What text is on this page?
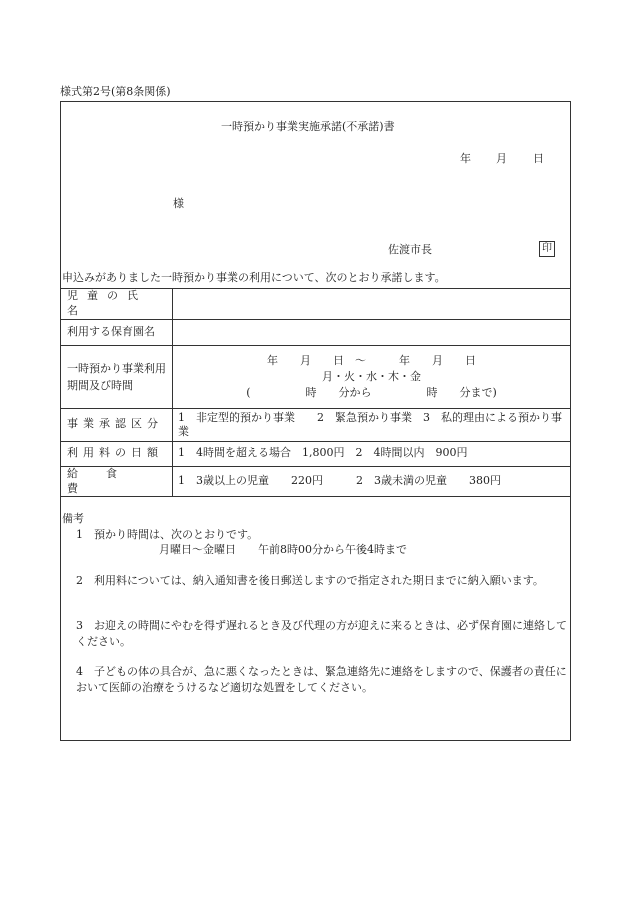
様式第2号(第8条関係)
一時預かり事業実施承諾(不承諾)書
年 月 日
様
佐渡市長	印
申込みがありました一時預かり事業の利用について、次のとおり承諾します。
児童の氏名	

利用する保育園名	
一時預かり事業利用期間及び時間	年　　月　　日　～　　　年　　月　　日
月・火・水・木・金
(　　　　　時　　分から　　　　　時　　分まで)

事業承認区分	1　非定型的預かり事業　　2　緊急預かり事業　3　私的理由による預かり事業
利用料の日額	1　4時間を超える場合　1,800円　2　4時間以内　900円
給食費	1　3歳以上の児童　　220円　　　2　3歳未満の児童　　380円
備考
1　預かり時間は、次のとおりです。
月曜日～金曜日　　午前8時00分から午後4時まで
2　利用料については、納入通知書を後日郵送しますので指定された期日までに納入願います。
3　お迎えの時間にやむを得ず遅れるとき及び代理の方が迎えに来るときは、必ず保育園に連絡してください。
4　子どもの体の具合が、急に悪くなったときは、緊急連絡先に連絡をしますので、保護者の責任において医師の治療をうけるなど適切な処置をしてください。
